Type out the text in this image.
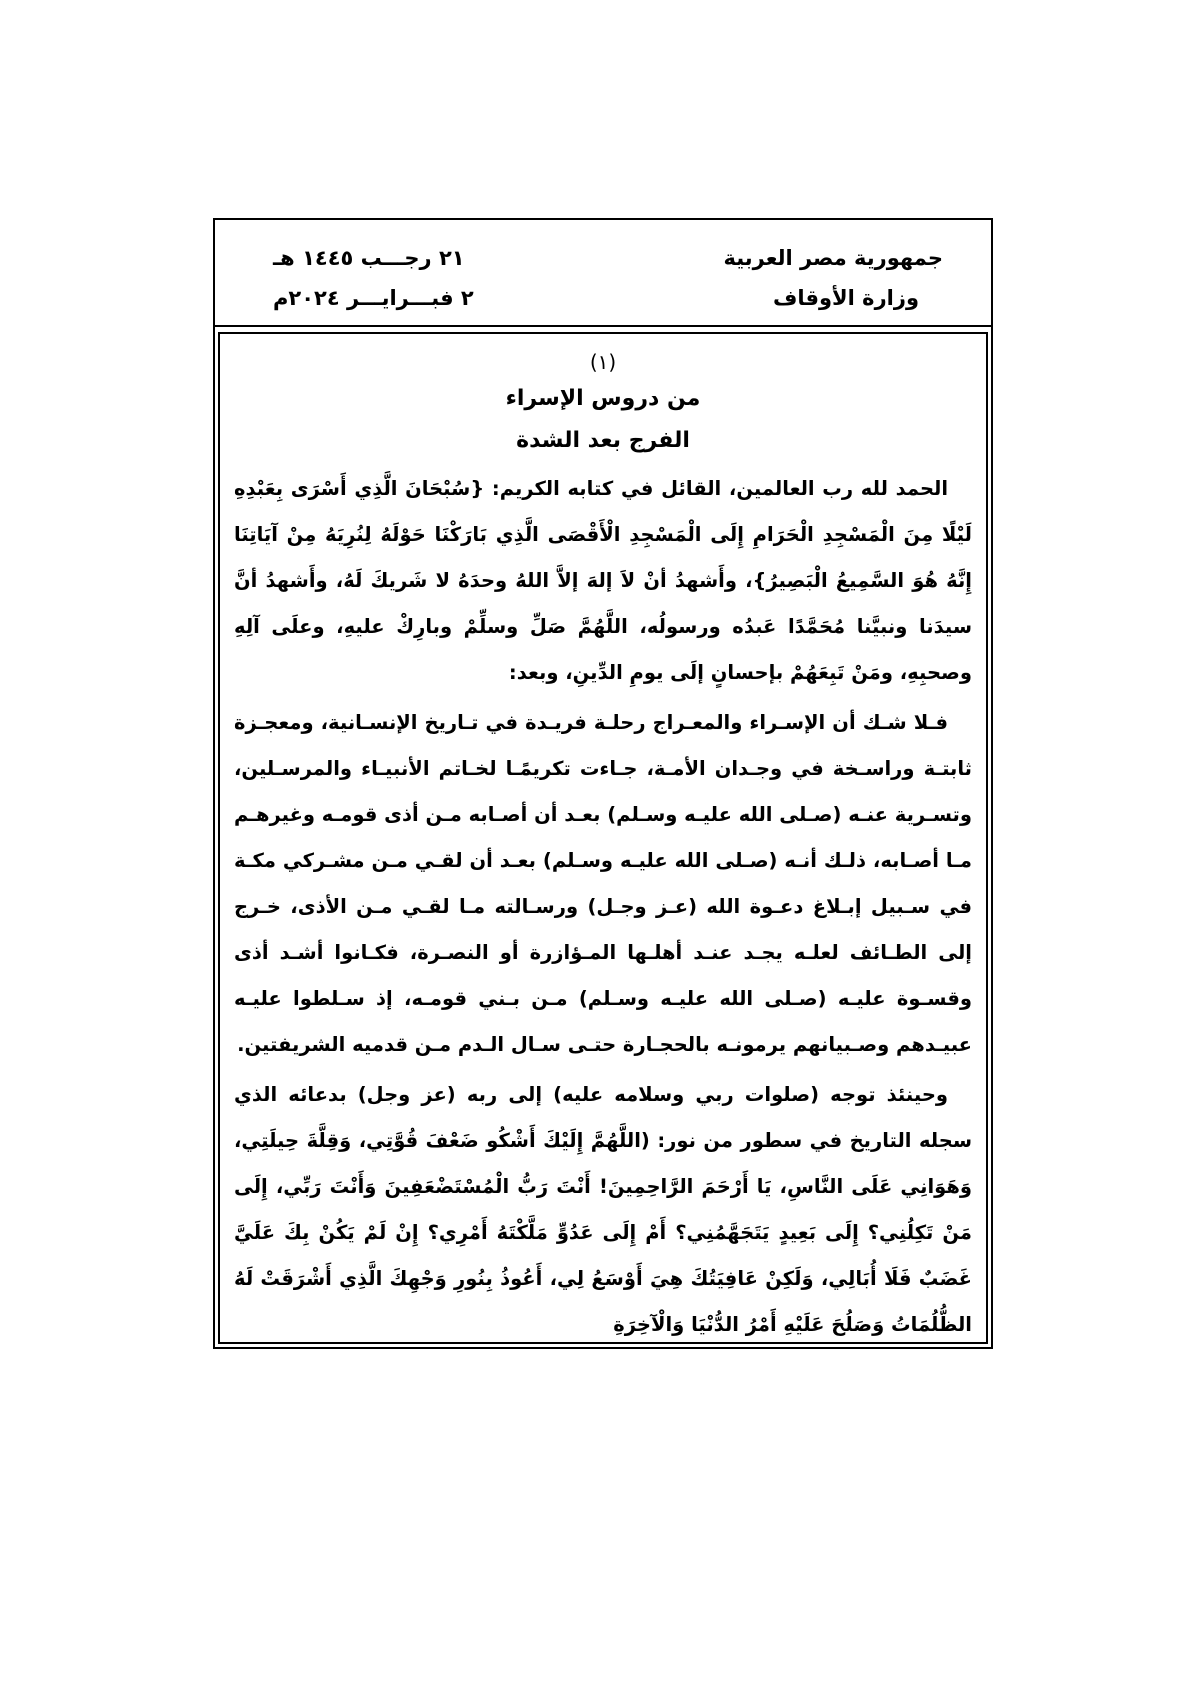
جمهورية مصر العربية
وزارة الأوقاف
٢١ رجـــب ١٤٤٥ هـ
٢ فبـــرايـــر ٢٠٢٤م
(١)
من دروس الإسراء
الفرج بعد الشدة

الحمد لله رب العالمين، القائل في كتابه الكريم: {سُبْحَانَ الَّذِي أَسْرَى بِعَبْدِهِ لَيْلًا مِنَ الْمَسْجِدِ الْحَرَامِ إِلَى الْمَسْجِدِ الْأَقْصَى الَّذِي بَارَكْنَا حَوْلَهُ لِنُرِيَهُ مِنْ آيَاتِنَا إِنَّهُ هُوَ السَّمِيعُ الْبَصِيرُ}، وأَشهدُ أنْ لاَ إلهَ إلاَّ اللهُ وحدَهُ لا شَريكَ لَهُ، وأَشهدُ أنَّ سيدَنا ونبيَّنا مُحَمَّدًا عَبدُه ورسولُه، اللَّهُمَّ صَلِّ وسلِّمْ وبارِكْ عليهِ، وعلَى آلِهِ وصحبِهِ، ومَنْ تَبِعَهُمْ بإحسانٍ إلَى يومِ الدِّينِ، وبعد:

فـلا شـك أن الإسـراء والمعـراج رحلـة فريـدة في تـاريخ الإنسـانية، ومعجـزة ثابتـة وراسـخة في وجـدان الأمـة، جـاءت تكريمًـا لخـاتم الأنبيـاء والمرسـلين، وتسـرية عنـه (صـلى الله عليـه وسـلم) بعـد أن أصـابه مـن أذى قومـه وغيرهـم مـا أصـابه، ذلـك أنـه (صـلى الله عليـه وسـلم) بعـد أن لقـي مـن مشـركي مكـة في سـبيل إبـلاغ دعـوة الله (عـز وجـل) ورسـالته مـا لقـي مـن الأذى، خـرج إلى الطـائف لعلـه يجـد عنـد أهلـها المـؤازرة أو النصـرة، فكـانوا أشـد أذى وقسـوة عليـه (صـلى الله عليـه وسـلم) مـن بـني قومـه، إذ سـلطوا عليـه عبيـدهم وصـبيانهم يرمونـه بالحجـارة حتـى سـال الـدم مـن قدميه الشريفتين.

وحينئذ توجه (صلوات ربي وسلامه عليه) إلى ربه (عز وجل) بدعائه الذي سجله التاريخ في سطور من نور: (اللَّهُمَّ إِلَيْكَ أَشْكُو ضَعْفَ قُوَّتِي، وَقِلَّةَ حِيلَتِي، وَهَوَانِي عَلَى النَّاسِ، يَا أَرْحَمَ الرَّاحِمِينَ! أَنْتَ رَبُّ الْمُسْتَضْعَفِينَ وَأَنْتَ رَبِّي، إِلَى مَنْ تَكِلُنِي؟ إِلَى بَعِيدٍ يَتَجَهَّمُنِي؟ أَمْ إِلَى عَدُوٍّ مَلَّكْتَهُ أَمْرِي؟ إِنْ لَمْ يَكُنْ بِكَ عَلَيَّ غَضَبٌ فَلَا أُبَالِي، وَلَكِنْ عَافِيَتُكَ هِيَ أَوْسَعُ لِي، أَعُوذُ بِنُورِ وَجْهِكَ الَّذِي أَشْرَقَتْ لَهُ الظُّلُمَاتُ وَصَلُحَ عَلَيْهِ أَمْرُ الدُّنْيَا وَالْآخِرَةِ
